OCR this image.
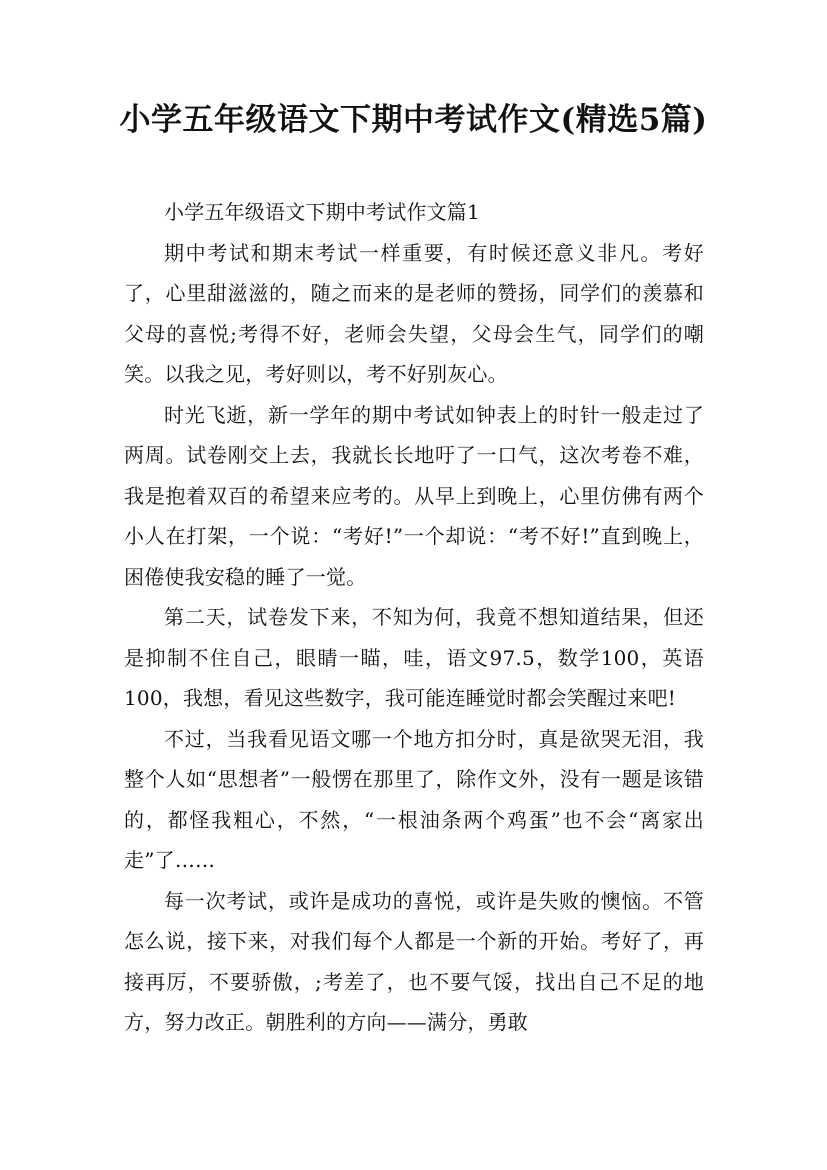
小学五年级语文下期中考试作文(精选5篇)
小学五年级语文下期中考试作文篇1

期中考试和期末考试一样重要，有时候还意义非凡。考好了，心里甜滋滋的，随之而来的是老师的赞扬，同学们的羡慕和父母的喜悦;考得不好，老师会失望，父母会生气，同学们的嘲笑。以我之见，考好则以，考不好别灰心。

时光飞逝，新一学年的期中考试如钟表上的时针一般走过了两周。试卷刚交上去，我就长长地吁了一口气，这次考卷不难，我是抱着双百的希望来应考的。从早上到晚上，心里仿佛有两个小人在打架，一个说：“考好!”一个却说：“考不好!”直到晚上，困倦使我安稳的睡了一觉。

第二天，试卷发下来，不知为何，我竟不想知道结果，但还是抑制不住自己，眼睛一瞄，哇，语文97.5，数学100，英语100，我想，看见这些数字，我可能连睡觉时都会笑醒过来吧!

不过，当我看见语文哪一个地方扣分时，真是欲哭无泪，我整个人如“思想者”一般愣在那里了，除作文外，没有一题是该错的，都怪我粗心，不然，“一根油条两个鸡蛋”也不会“离家出走”了……

每一次考试，或许是成功的喜悦，或许是失败的懊恼。不管怎么说，接下来，对我们每个人都是一个新的开始。考好了，再接再厉，不要骄傲，;考差了，也不要气馁，找出自己不足的地方，努力改正。朝胜利的方向——满分，勇敢
